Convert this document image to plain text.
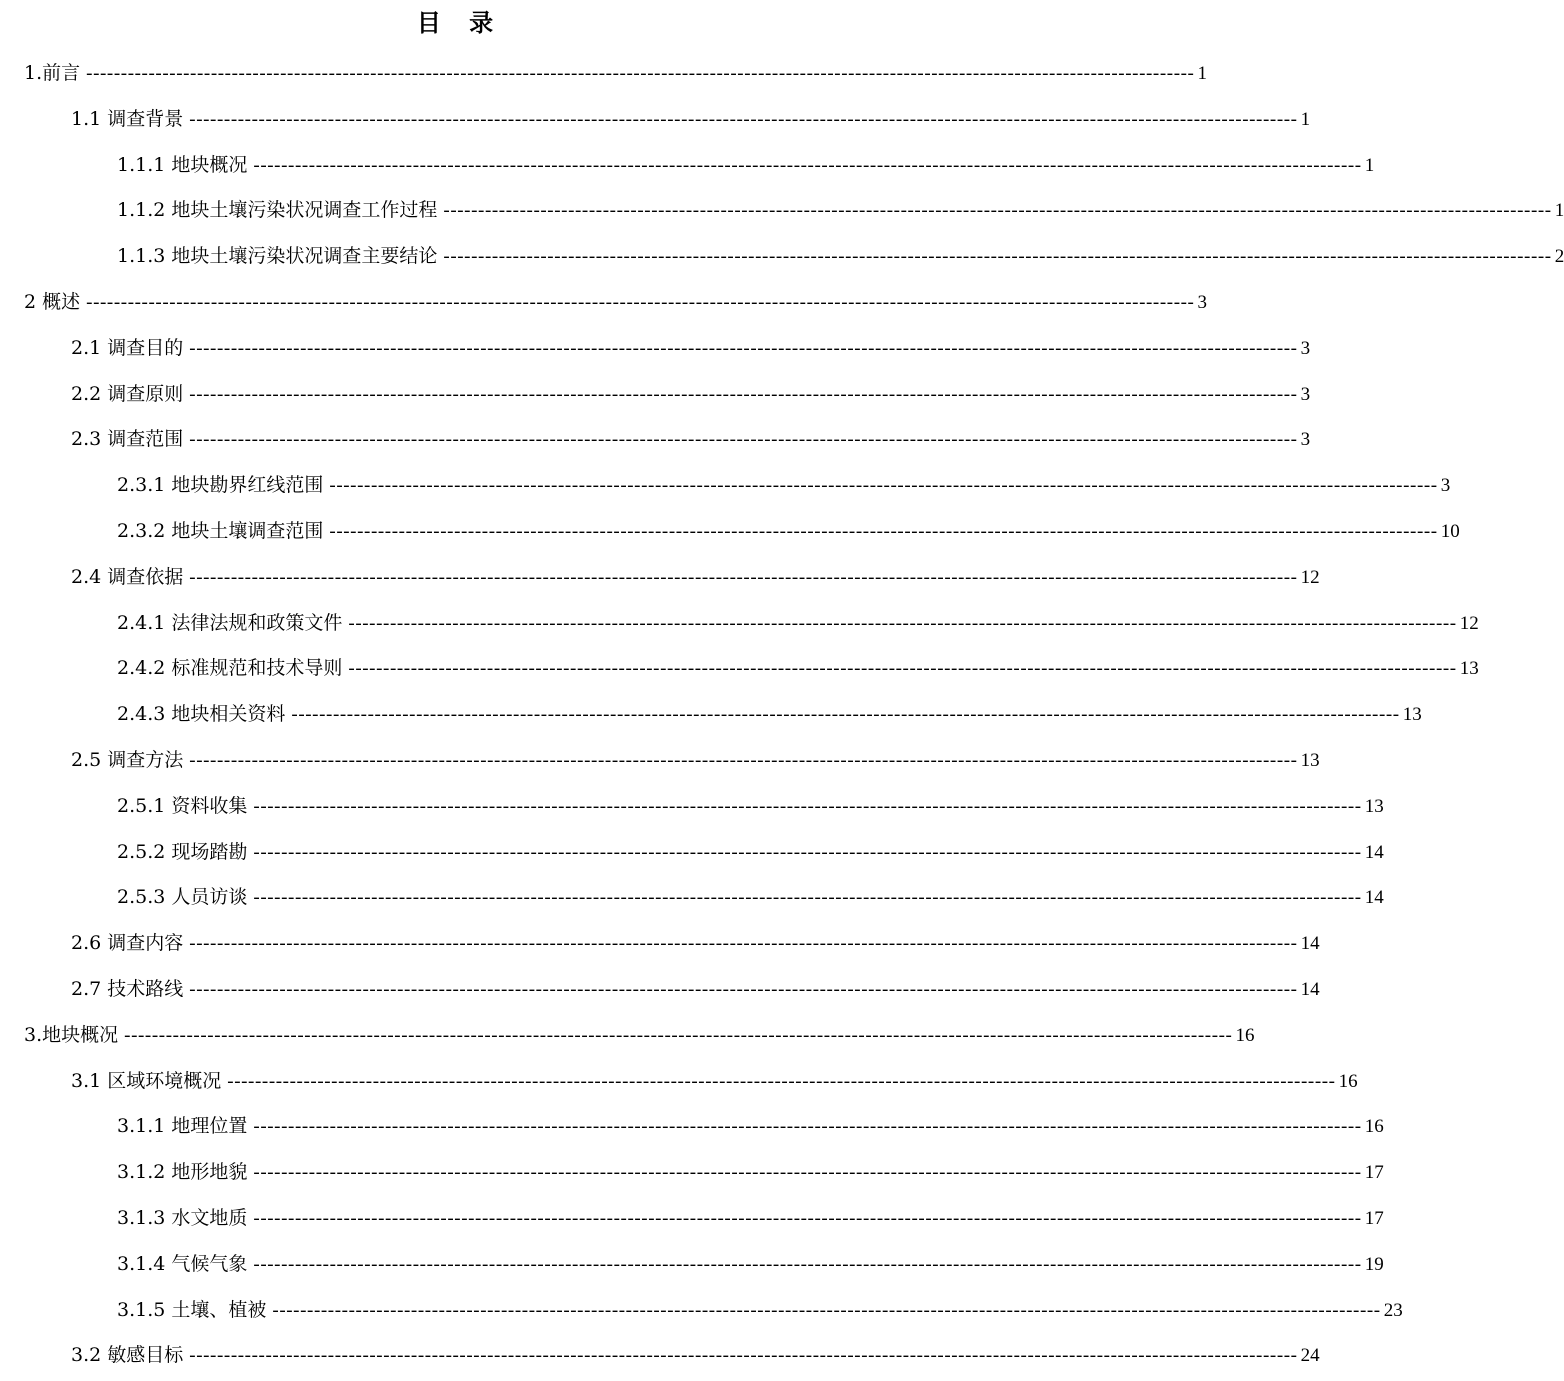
目 录
1.前言 ---------------------------------------------------------------------------------------------------------------------------------------------------------------- 1
1.1 调查背景 ---------------------------------------------------------------------------------------------------------------------------------------------------------------- 1
1.1.1 地块概况 ---------------------------------------------------------------------------------------------------------------------------------------------------------------- 1
1.1.2 地块土壤污染状况调查工作过程 ---------------------------------------------------------------------------------------------------------------------------------------------------------------- 1
1.1.3 地块土壤污染状况调查主要结论 ---------------------------------------------------------------------------------------------------------------------------------------------------------------- 2
2 概述 ---------------------------------------------------------------------------------------------------------------------------------------------------------------- 3
2.1 调查目的 ---------------------------------------------------------------------------------------------------------------------------------------------------------------- 3
2.2 调查原则 ---------------------------------------------------------------------------------------------------------------------------------------------------------------- 3
2.3 调查范围 ---------------------------------------------------------------------------------------------------------------------------------------------------------------- 3
2.3.1 地块勘界红线范围 ---------------------------------------------------------------------------------------------------------------------------------------------------------------- 3
2.3.2 地块土壤调查范围 ---------------------------------------------------------------------------------------------------------------------------------------------------------------- 10
2.4 调查依据 ---------------------------------------------------------------------------------------------------------------------------------------------------------------- 12
2.4.1 法律法规和政策文件 ---------------------------------------------------------------------------------------------------------------------------------------------------------------- 12
2.4.2 标准规范和技术导则 ---------------------------------------------------------------------------------------------------------------------------------------------------------------- 13
2.4.3 地块相关资料 ---------------------------------------------------------------------------------------------------------------------------------------------------------------- 13
2.5 调查方法 ---------------------------------------------------------------------------------------------------------------------------------------------------------------- 13
2.5.1 资料收集 ---------------------------------------------------------------------------------------------------------------------------------------------------------------- 13
2.5.2 现场踏勘 ---------------------------------------------------------------------------------------------------------------------------------------------------------------- 14
2.5.3 人员访谈 ---------------------------------------------------------------------------------------------------------------------------------------------------------------- 14
2.6 调查内容 ---------------------------------------------------------------------------------------------------------------------------------------------------------------- 14
2.7 技术路线 ---------------------------------------------------------------------------------------------------------------------------------------------------------------- 14
3.地块概况 ---------------------------------------------------------------------------------------------------------------------------------------------------------------- 16
3.1 区域环境概况 ---------------------------------------------------------------------------------------------------------------------------------------------------------------- 16
3.1.1 地理位置 ---------------------------------------------------------------------------------------------------------------------------------------------------------------- 16
3.1.2 地形地貌 ---------------------------------------------------------------------------------------------------------------------------------------------------------------- 17
3.1.3 水文地质 ---------------------------------------------------------------------------------------------------------------------------------------------------------------- 17
3.1.4 气候气象 ---------------------------------------------------------------------------------------------------------------------------------------------------------------- 19
3.1.5 土壤、植被 ---------------------------------------------------------------------------------------------------------------------------------------------------------------- 23
3.2 敏感目标 ---------------------------------------------------------------------------------------------------------------------------------------------------------------- 24
